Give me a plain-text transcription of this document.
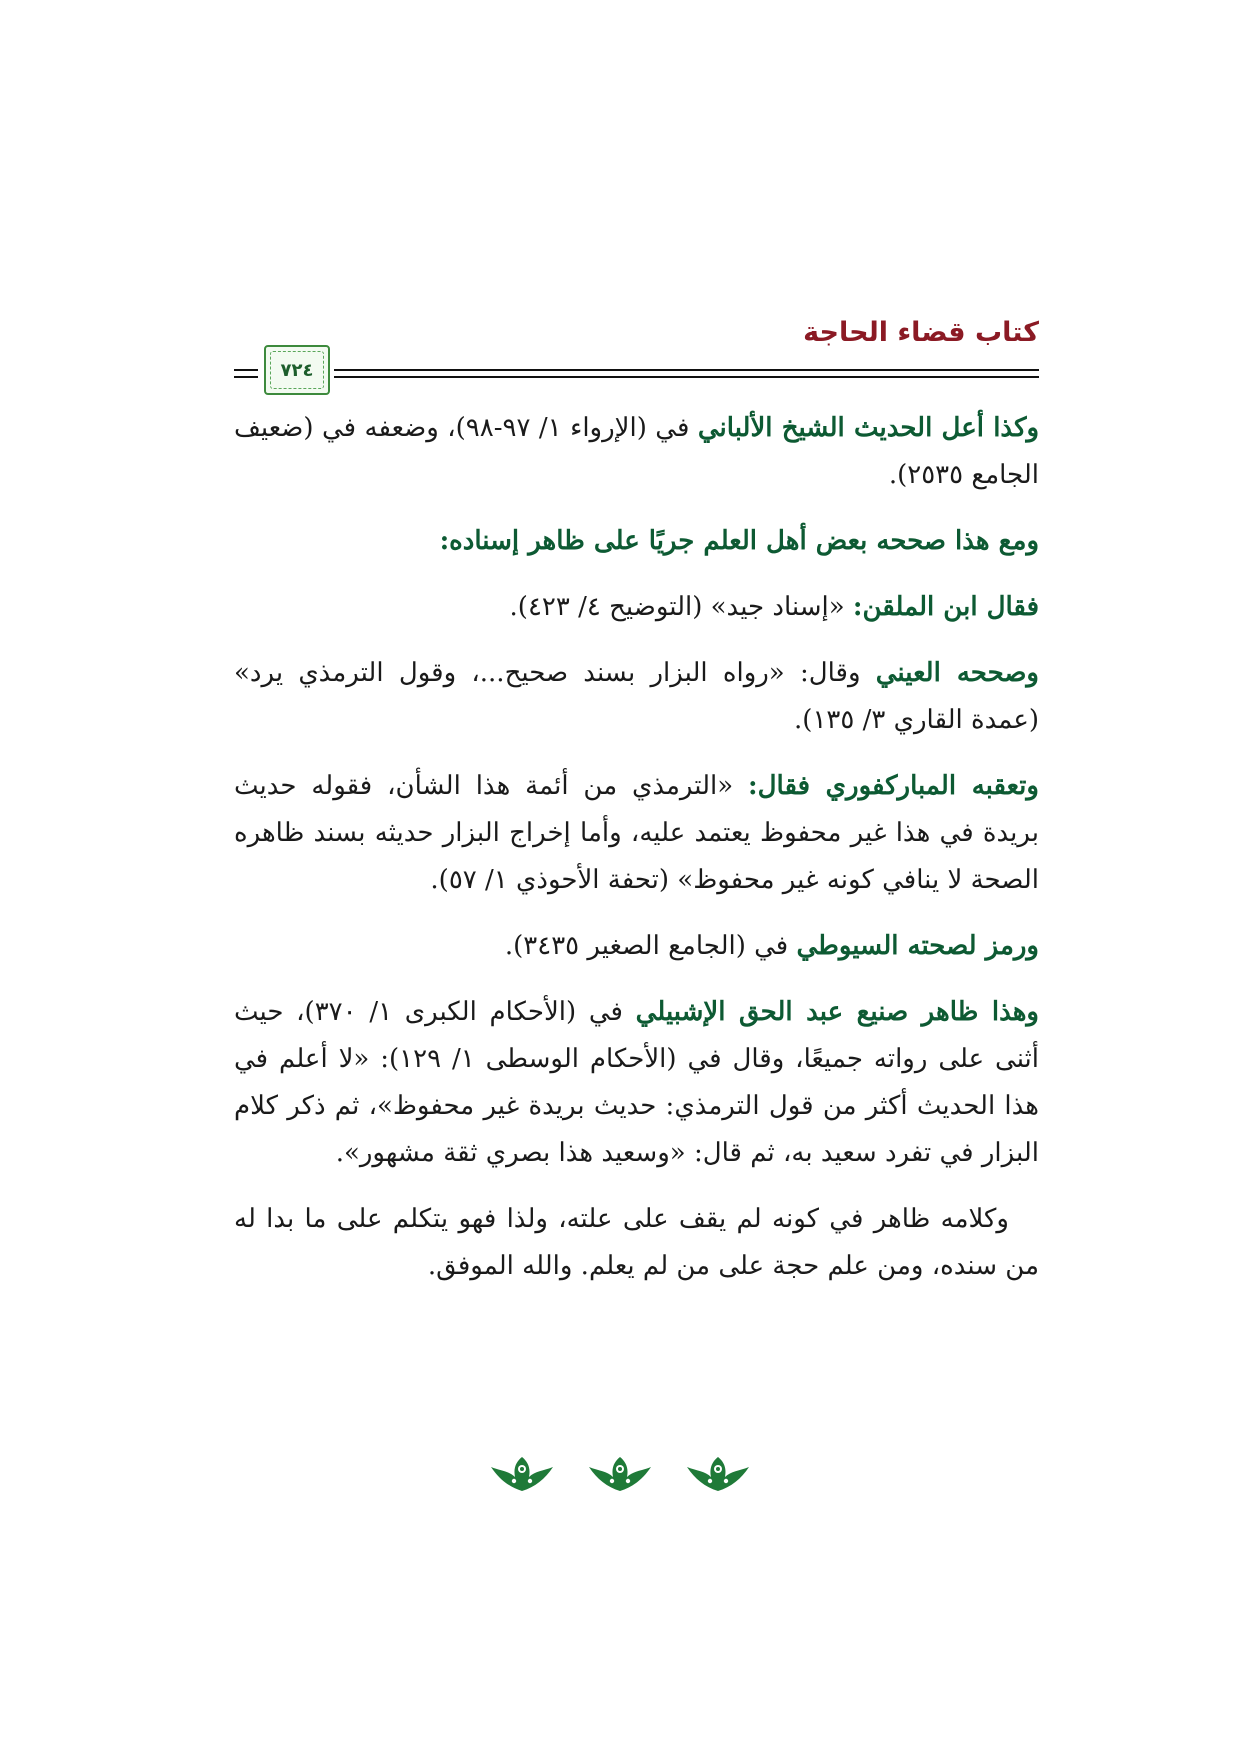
كتاب قضاء الحاجة
٧٢٤

وكذا أعل الحديث الشيخ الألباني في (الإرواء ١/ ٩٧-٩٨)، وضعفه في (ضعيف الجامع ٢٥٣٥).

ومع هذا صححه بعض أهل العلم جريًا على ظاهر إسناده:

فقال ابن الملقن: «إسناد جيد» (التوضيح ٤/ ٤٢٣).

وصححه العيني وقال: «رواه البزار بسند صحيح...، وقول الترمذي يرد» (عمدة القاري ٣/ ١٣٥).

وتعقبه المباركفوري فقال: «الترمذي من أئمة هذا الشأن، فقوله حديث بريدة في هذا غير محفوظ يعتمد عليه، وأما إخراج البزار حديثه بسند ظاهره الصحة لا ينافي كونه غير محفوظ» (تحفة الأحوذي ١/ ٥٧).

ورمز لصحته السيوطي في (الجامع الصغير ٣٤٣٥).

وهذا ظاهر صنيع عبد الحق الإشبيلي في (الأحكام الكبرى ١/ ٣٧٠)، حيث أثنى على رواته جميعًا، وقال في (الأحكام الوسطى ١/ ١٢٩): «لا أعلم في هذا الحديث أكثر من قول الترمذي: حديث بريدة غير محفوظ»، ثم ذكر كلام البزار في تفرد سعيد به، ثم قال: «وسعيد هذا بصري ثقة مشهور».

وكلامه ظاهر في كونه لم يقف على علته، ولذا فهو يتكلم على ما بدا له من سنده، ومن علم حجة على من لم يعلم. والله الموفق.
